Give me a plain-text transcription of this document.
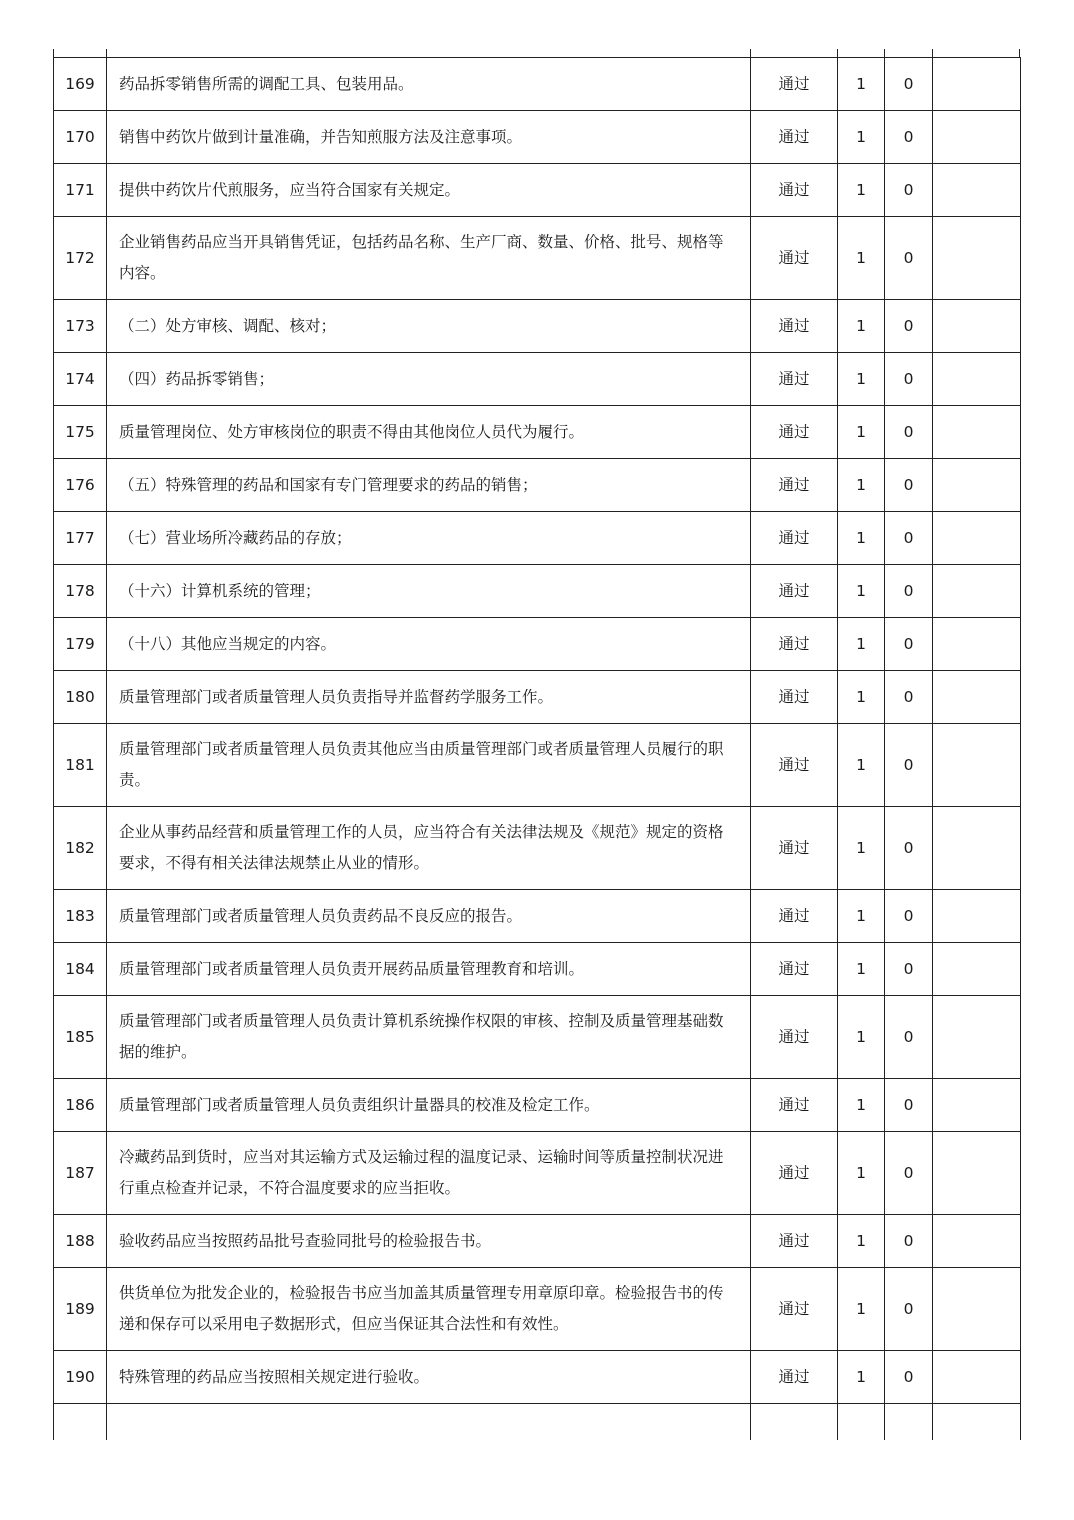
169	药品拆零销售所需的调配工具、包装用品。	通过	1	0	
170	销售中药饮片做到计量准确，并告知煎服方法及注意事项。	通过	1	0	
171	提供中药饮片代煎服务，应当符合国家有关规定。	通过	1	0	
172	企业销售药品应当开具销售凭证，包括药品名称、生产厂商、数量、价格、批号、规格等内容。	通过	1	0	
173	（二）处方审核、调配、核对；	通过	1	0	
174	（四）药品拆零销售；	通过	1	0	
175	质量管理岗位、处方审核岗位的职责不得由其他岗位人员代为履行。	通过	1	0	
176	（五）特殊管理的药品和国家有专门管理要求的药品的销售；	通过	1	0	
177	（七）营业场所冷藏药品的存放；	通过	1	0	
178	（十六）计算机系统的管理；	通过	1	0	
179	（十八）其他应当规定的内容。	通过	1	0	
180	质量管理部门或者质量管理人员负责指导并监督药学服务工作。	通过	1	0	
181	质量管理部门或者质量管理人员负责其他应当由质量管理部门或者质量管理人员履行的职责。	通过	1	0	
182	企业从事药品经营和质量管理工作的人员，应当符合有关法律法规及《规范》规定的资格要求，不得有相关法律法规禁止从业的情形。	通过	1	0	
183	质量管理部门或者质量管理人员负责药品不良反应的报告。	通过	1	0	
184	质量管理部门或者质量管理人员负责开展药品质量管理教育和培训。	通过	1	0	
185	质量管理部门或者质量管理人员负责计算机系统操作权限的审核、控制及质量管理基础数据的维护。	通过	1	0	
186	质量管理部门或者质量管理人员负责组织计量器具的校准及检定工作。	通过	1	0	
187	冷藏药品到货时，应当对其运输方式及运输过程的温度记录、运输时间等质量控制状况进行重点检查并记录，不符合温度要求的应当拒收。	通过	1	0	
188	验收药品应当按照药品批号查验同批号的检验报告书。	通过	1	0	
189	供货单位为批发企业的，检验报告书应当加盖其质量管理专用章原印章。检验报告书的传递和保存可以采用电子数据形式，但应当保证其合法性和有效性。	通过	1	0	
190	特殊管理的药品应当按照相关规定进行验收。	通过	1	0	
